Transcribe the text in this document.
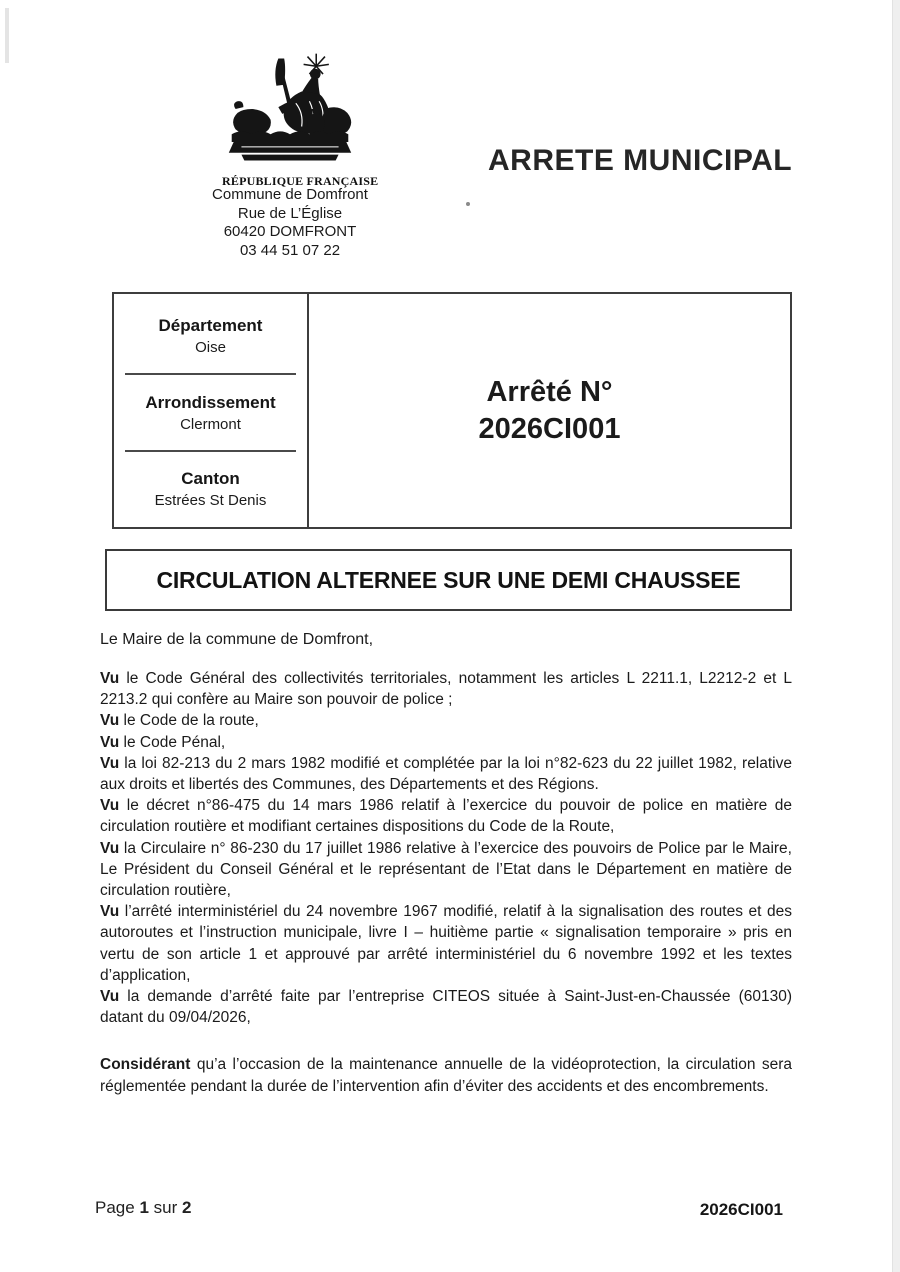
RÉPUBLIQUE FRANÇAISE
Commune de Domfront
Rue de L’Église
60420 DOMFRONT
03 44 51 07 22
ARRETE MUNICIPAL
Département
Oise
Arrondissement
Clermont
Canton
Estrées St Denis
Arrêté N°
2026CI001
CIRCULATION ALTERNEE SUR UNE DEMI CHAUSSEE
Le Maire de la commune de Domfront,

Vu le Code Général des collectivités territoriales, notamment les articles L 2211.1, L2212-2 et L 2213.2 qui confère au Maire son pouvoir de police ;

Vu le Code de la route,

Vu le Code Pénal,

Vu la loi 82-213 du 2 mars 1982 modifié et complétée par la loi n°82-623 du 22 juillet 1982, relative aux droits et libertés des Communes, des Départements et des Régions.

Vu le décret n°86-475 du 14 mars 1986 relatif à l’exercice du pouvoir de police en matière de circulation routière et modifiant certaines dispositions du Code de la Route,

Vu la Circulaire n° 86-230 du 17 juillet 1986 relative à l’exercice des pouvoirs de Police par le Maire, Le Président du Conseil Général et le représentant de l’Etat dans le Département en matière de circulation routière,

Vu l’arrêté interministériel du 24 novembre 1967 modifié, relatif à la signalisation des routes et des autoroutes et l’instruction municipale, livre I – huitième partie « signalisation temporaire » pris en vertu de son article 1 et approuvé par arrêté interministériel du 6 novembre 1992 et les textes d’application,

Vu la demande d’arrêté faite par l’entreprise CITEOS située à Saint-Just-en-Chaussée (60130) datant du 09/04/2026,

Considérant qu’a l’occasion de la maintenance annuelle de la vidéoprotection, la circulation sera réglementée pendant la durée de l’intervention afin d’éviter des accidents et des encombrements.

Page 1 sur 2	2026CI001
